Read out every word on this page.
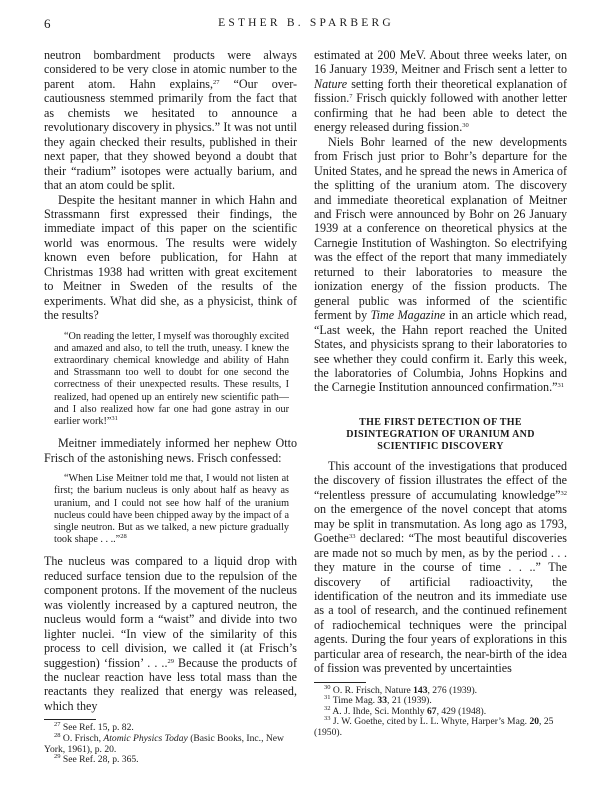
6	ESTHER B. SPARBERG

neutron bombardment products were always considered to be very close in atomic number to the parent atom. Hahn explains,$^{27}$ “Our over-cautiousness stemmed primarily from the fact that as chemists we hesitated to announce a revolutionary discovery in physics.” It was not until they again checked their results, published in their next paper, that they showed beyond a doubt that their “radium” isotopes were actually barium, and that an atom could be split.

Despite the hesitant manner in which Hahn and Strassmann first expressed their findings, the immediate impact of this paper on the scientific world was enormous. The results were widely known even before publication, for Hahn at Christmas 1938 had written with great excitement to Meitner in Sweden of the results of the experiments. What did she, as a physicist, think of the results?

“On reading the letter, I myself was thoroughly excited and amazed and also, to tell the truth, uneasy. I knew the extraordinary chemical knowledge and ability of Hahn and Strassmann too well to doubt for one second the correctness of their unexpected results. These results, I realized, had opened up an entirely new scientific path—and I also realized how far one had gone astray in our earlier work!”$^{31}$

Meitner immediately informed her nephew Otto Frisch of the astonishing news. Frisch confessed:

“When Lise Meitner told me that, I would not listen at first; the barium nucleus is only about half as heavy as uranium, and I could not see how half of the uranium nucleus could have been chipped away by the impact of a single neutron. But as we talked, a new picture gradually took shape . . ..”$^{28}$

The nucleus was compared to a liquid drop with reduced surface tension due to the repulsion of the component protons. If the movement of the nucleus was violently increased by a captured neutron, the nucleus would form a “waist” and divide into two lighter nuclei. “In view of the similarity of this process to cell division, we called it (at Frisch’s suggestion) ‘fission’ . . ..$^{29}$ Because the products of the nuclear reaction have less total mass than the reactants they realized that energy was released, which they

$^{27}$ See Ref. 15, p. 82.
$^{28}$ O. Frisch, Atomic Physics Today (Basic Books, Inc., New York, 1961), p. 20.
$^{29}$ See Ref. 28, p. 365.

estimated at 200 MeV. About three weeks later, on 16 January 1939, Meitner and Frisch sent a letter to Nature setting forth their theoretical explanation of fission.$^7$ Frisch quickly followed with another letter confirming that he had been able to detect the energy released during fission.$^{30}$

Niels Bohr learned of the new developments from Frisch just prior to Bohr’s departure for the United States, and he spread the news in America of the splitting of the uranium atom. The discovery and immediate theoretical explanation of Meitner and Frisch were announced by Bohr on 26 January 1939 at a conference on theoretical physics at the Carnegie Institution of Washington. So electrifying was the effect of the report that many immediately returned to their laboratories to measure the ionization energy of the fission products. The general public was informed of the scientific ferment by Time Magazine in an article which read, “Last week, the Hahn report reached the United States, and physicists sprang to their laboratories to see whether they could confirm it. Early this week, the laboratories of Columbia, Johns Hopkins and the Carnegie Institution announced confirmation.”$^{31}$

THE FIRST DETECTION OF THE DISINTEGRATION OF URANIUM AND SCIENTIFIC DISCOVERY

This account of the investigations that produced the discovery of fission illustrates the effect of the “relentless pressure of accumulating knowledge”$^{32}$ on the emergence of the novel concept that atoms may be split in transmutation. As long ago as 1793, Goethe$^{33}$ declared: “The most beautiful discoveries are made not so much by men, as by the period . . . they mature in the course of time . . ..” The discovery of artificial radioactivity, the identification of the neutron and its immediate use as a tool of research, and the continued refinement of radiochemical techniques were the principal agents. During the four years of explorations in this particular area of research, the near-birth of the idea of fission was prevented by uncertainties

$^{30}$ O. R. Frisch, Nature 143, 276 (1939).
$^{31}$ Time Mag. 33, 21 (1939).
$^{32}$ A. J. Ihde, Sci. Monthly 67, 429 (1948).
$^{33}$ J. W. Goethe, cited by L. L. Whyte, Harper’s Mag. 20, 25 (1950).
